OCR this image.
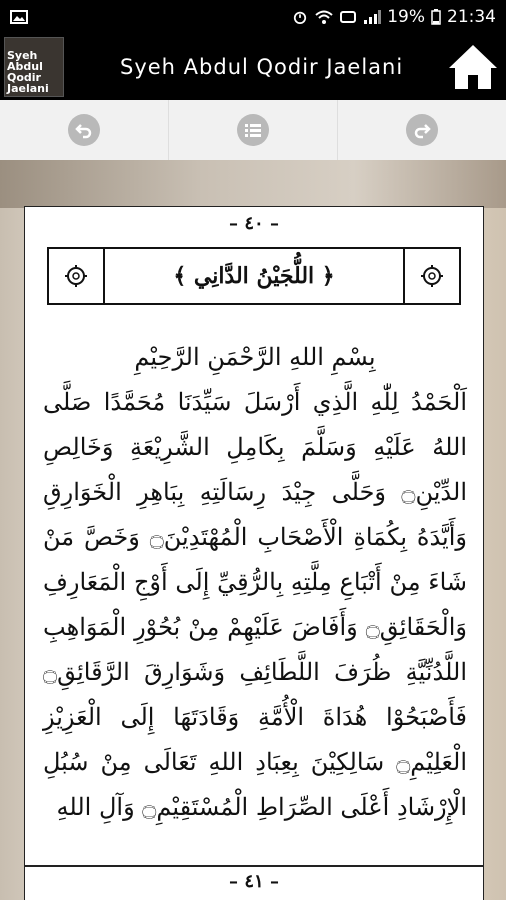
19% 21:34
Syeh
Abdul Qodir
Jaelani
Syeh Abdul Qodir Jaelani
– ٤٠ –
﴿ اللُّجَيْنُ الدَّانِي ﴾
بِسْمِ اللهِ الرَّحْمَنِ الرَّحِيْمِ
اَلْحَمْدُ لِلّٰهِ الَّذِي أَرْسَلَ سَيِّدَنَا مُحَمَّدًا صَلَّى اللهُ عَلَيْهِ وَسَلَّمَ بِكَامِلِ الشَّرِيْعَةِ وَخَالِصِ الدِّيْنِ۝ وَحَلَّى جِيْدَ رِسَالَتِهِ بِبَاهِرِ الْخَوَارِقِ وَأَيَّدَهُ بِكُمَاةِ الْأَصْحَابِ الْمُهْتَدِيْنَ۝ وَخَصَّ مَنْ شَاءَ مِنْ أَتْبَاعِ مِلَّتِهِ بِالرُّقِيِّ إِلَى أَوْجِ الْمَعَارِفِ وَالْحَقَائِقِ۝ وَأَفَاضَ عَلَيْهِمْ مِنْ بُحُوْرِ الْمَوَاهِبِ اللَّدُنِّيَّةِ ظُرَفَ اللَّطَائِفِ وَشَوَارِقَ الرَّقَائِقِ۝ فَأَصْبَحُوْا هُدَاةَ الْأُمَّةِ وَقَادَتَهَا إِلَى الْعَزِيْزِ الْعَلِيْمِ۝ سَالِكِيْنَ بِعِبَادِ اللهِ تَعَالَى مِنْ سُبُلِ الْإِرْشَادِ أَعْلَى الصِّرَاطِ الْمُسْتَقِيْمِ۝ وَآلِ اللهِ
– ٤١ –
